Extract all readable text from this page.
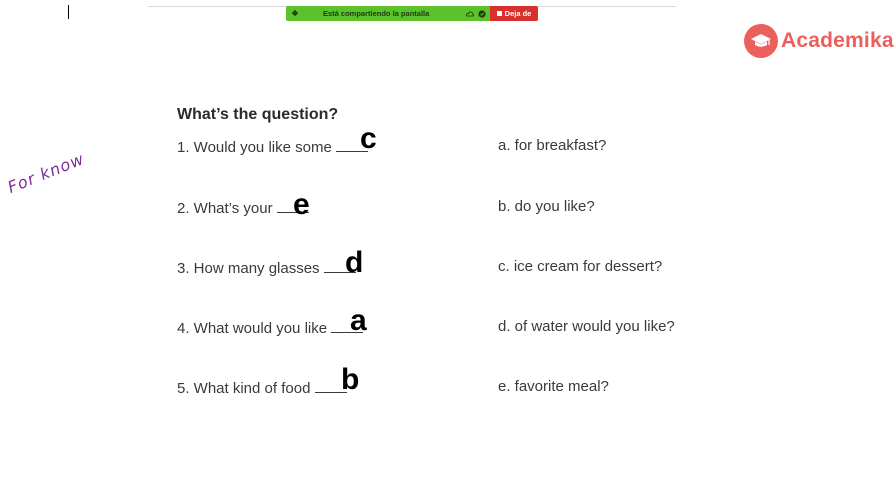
❖	Está compartiendo la pantalla	Deja de
Academika
For know
What’s the question?
1. Would you like some c
2. What’s your e
3. How many glasses d
4. What would you like a
5. What kind of food	b
a. for breakfast?
b. do you like?
c. ice cream for dessert?
d. of water would you like?
e. favorite meal?
